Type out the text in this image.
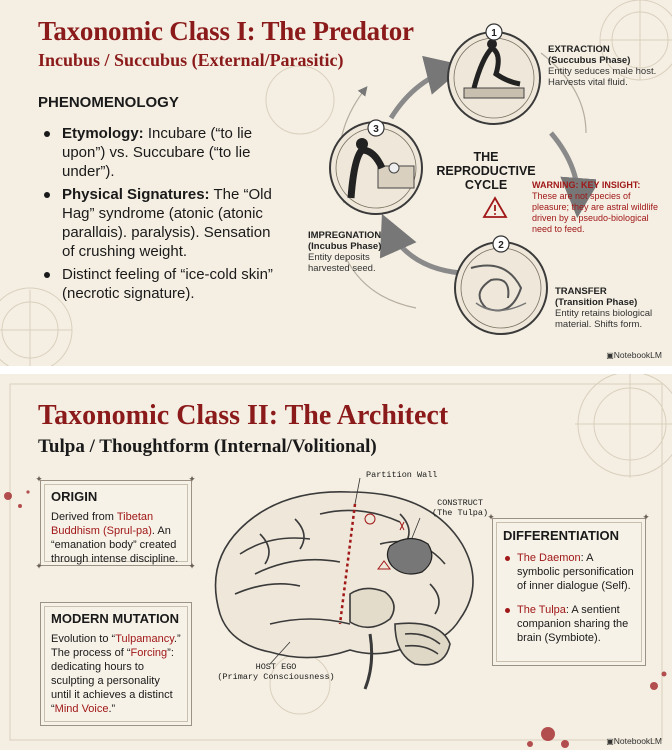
Taxonomic Class I: The Predator
Incubus / Succubus (External/Parasitic)
PHENOMENOLOGY
Etymology: Incubare (“to lie upon”) vs. Succubare (“to lie under”).
Physical Signatures: The “Old Hag” syndrome (atonic (atonic parallɑis). paralysis). Sensation of crushing weight.
Distinct feeling of “ice-cold skin” (necrotic signature).
1
2
3
THE REPRODUCTIVE CYCLE
EXTRACTION
(Succubus Phase)
Entity seduces male host. Harvests vital fluid.
TRANSFER
(Transition Phase)
Entity retains biological material. Shifts form.
IMPREGNATION
(Incubus Phase)
Entity deposits harvested seed.
WARNING: KEY INSIGHT: These are not species of pleasure; they are astral wildlife driven by a pseudo-biological need to feed.
▣ NotebookLM
Taxonomic Class II: The Architect
Tulpa / Thoughtform (Internal/Volitional)
ORIGIN

Derived from Tibetan Buddhism (Sprul-pa). An “emanation body” created through intense discipline.

MODERN MUTATION

Evolution to “Tulpamancy.” The process of “Forcing”: dedicating hours to sculpting a personality until it achieves a distinct “Mind Voice.”

DIFFERENTIATION
The Daemon: A symbolic personification of inner dialogue (Self).
The Tulpa: A sentient companion sharing the brain (Symbiote).
✦	✦
✦	✦
✦	✦
Partition Wall
CONSTRUCT
(The Tulpa)
HOST EGO
(Primary Consciousness)
▣ NotebookLM
